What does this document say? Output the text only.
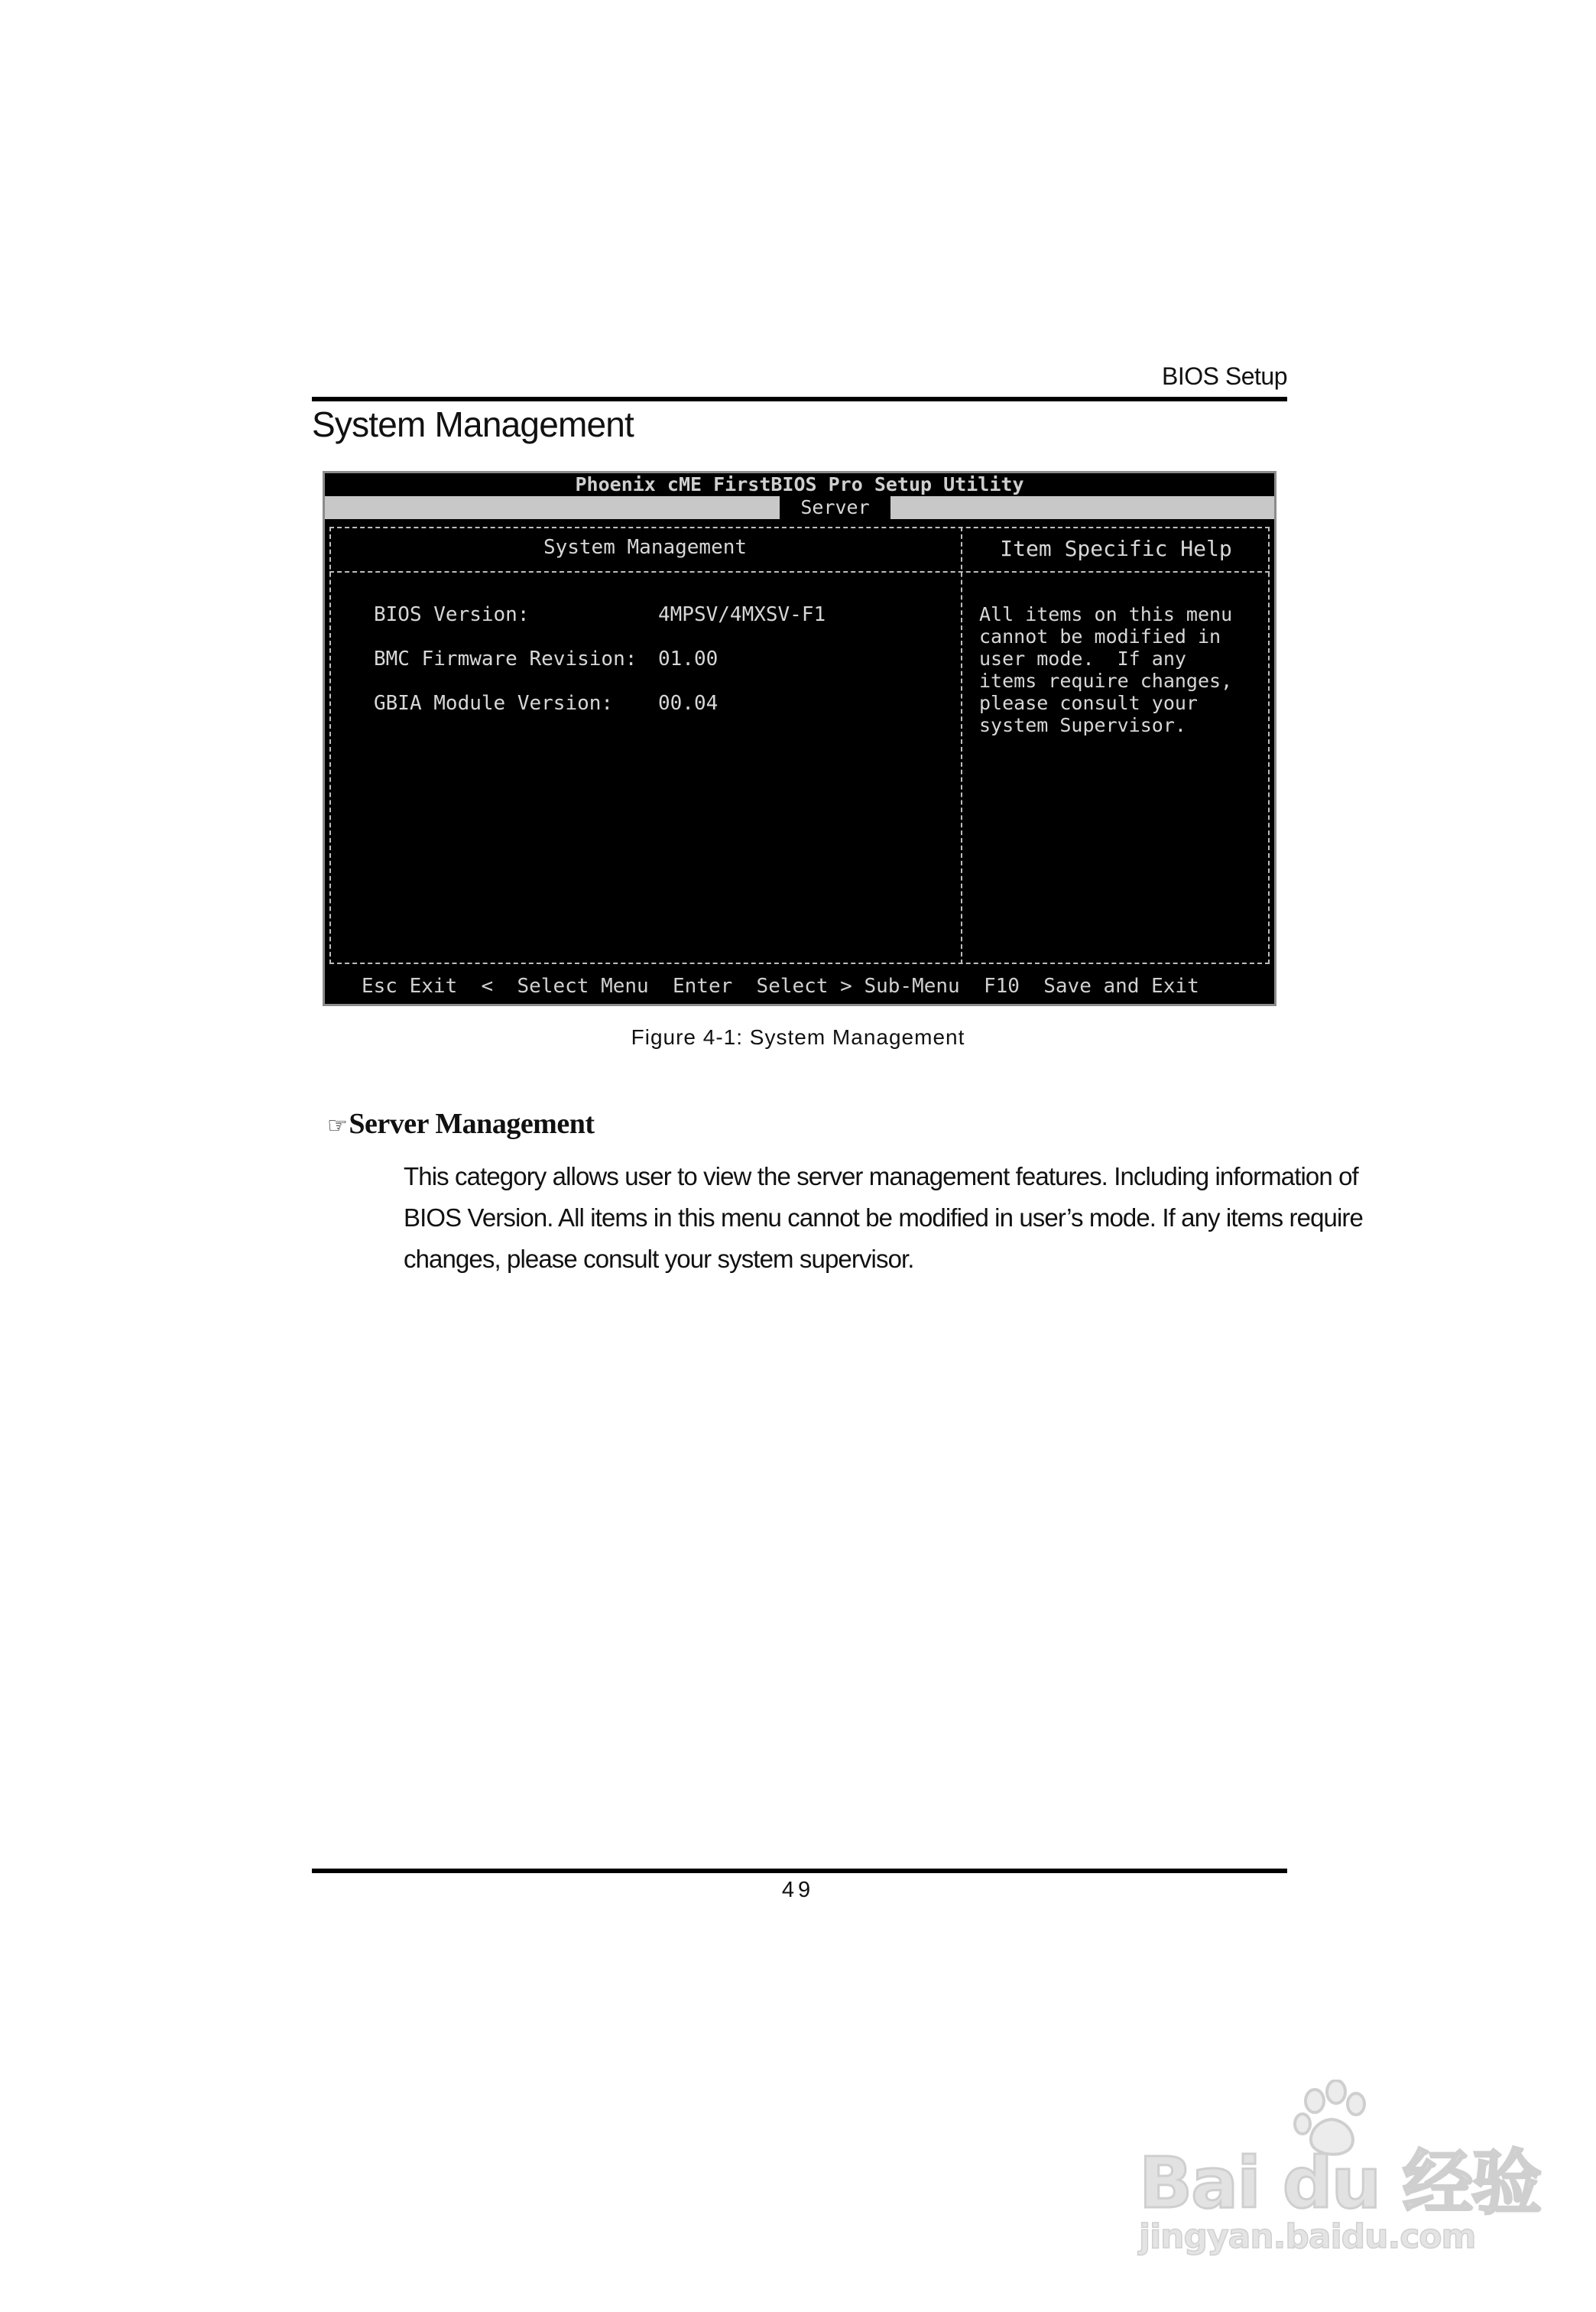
BIOS Setup
System Management
Phoenix cME FirstBIOS Pro Setup Utility
Server
System Management	Item Specific Help
BIOS Version:	4MPSV/4MXSV-F1
BMC Firmware Revision: 01.00
GBIA Module Version: 00.04
All items on this menu
cannot be modified in
user mode.  If any
items require changes,
please consult your
system Supervisor.
Esc Exit  <  Select Menu  Enter  Select > Sub-Menu  F10  Save and Exit
Figure 4-1: System Management
☞Server Management

This category allows user to view the server management features. Including information of

BIOS Version. All items in this menu cannot be modified in user’s mode. If any items require

changes, please consult your system supervisor.

49
Bai du 经验
jingyan.baidu.com
